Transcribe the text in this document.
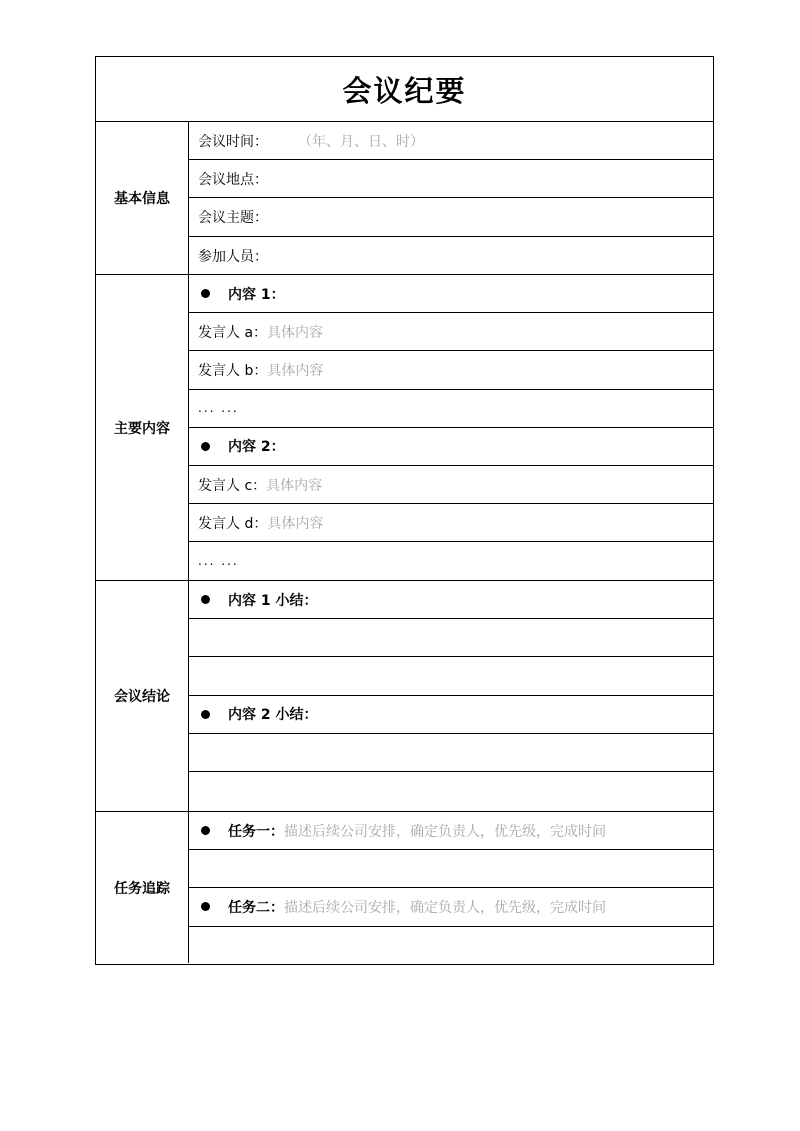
会议纪要
基本信息
会议时间： （年、月、日、时）
会议地点：
会议主题：
参加人员：
主要内容
内容 1：
发言人 a： 具体内容
发言人 b： 具体内容
... ...
内容 2：
发言人 c： 具体内容
发言人 d： 具体内容
... ...
会议结论
内容 1 小结：
内容 2 小结：
任务追踪
任务一： 描述后续公司安排，确定负责人，优先级，完成时间
任务二： 描述后续公司安排，确定负责人，优先级，完成时间
